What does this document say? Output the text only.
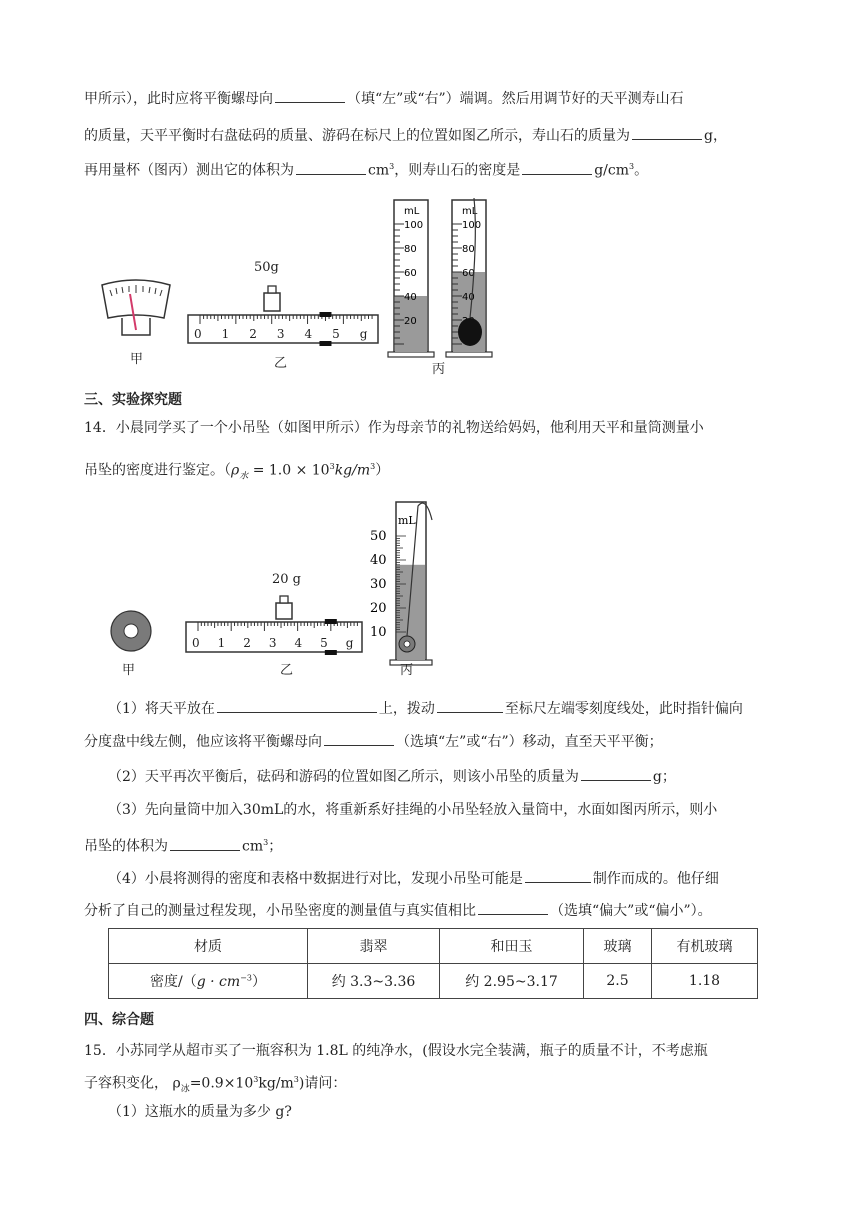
甲所示），此时应将平衡螺母向	（填“左”或“右”）端调。然后用调节好的天平测寿山石
的质量，天平平衡时右盘砝码的质量、游码在标尺上的位置如图乙所示，寿山石的质量为	g，
再用量杯（图丙）测出它的体积为	$cm^3$，则寿山石的密度是	$g/cm^3$。
mL
100
80
60
40
20
mL
100
80
60
40
50g
012345g
甲	乙	丙
三、实验探究题
14．小晨同学买了一个小吊坠（如图甲所示）作为母亲节的礼物送给妈妈，他利用天平和量筒测量小
吊坠的密度进行鉴定。$(\rho_水 = 1.0 \times 10^3kg/m^3)$
mL
50
40
30
20
10
20 g
012345g
甲	乙	丙
（1）将天平放在	上，拨动	至标尺左端零刻度线处，此时指针偏向
分度盘中线左侧，他应该将平衡螺母向	（选填“左”或“右”）移动，直至天平平衡；
（2）天平再次平衡后，砝码和游码的位置如图乙所示，则该小吊坠的质量为	g；
（3）先向量筒中加入30mL的水，将重新系好挂绳的小吊坠轻放入量筒中，水面如图丙所示，则小
吊坠的体积为	$cm^3$；
（4）小晨将测得的密度和表格中数据进行对比，发现小吊坠可能是	制作而成的。他仔细
分析了自己的测量过程发现，小吊坠密度的测量值与真实值相比	（选填“偏大”或“偏小”）。
材质	翡翠	和田玉	玻璃	有机玻璃
密度$/(g \cdot cm^{-3})$	约 3.3~3.36	约 2.95~3.17	2.5	1.18
四、综合题
15．小苏同学从超市买了一瓶容积为 1.8L 的纯净水，(假设水完全装满，瓶子的质量不计，不考虑瓶
子容积变化， $\rho_冰=0.9\times 10^3kg/m^3$)请问：
（1）这瓶水的质量为多少 g?
